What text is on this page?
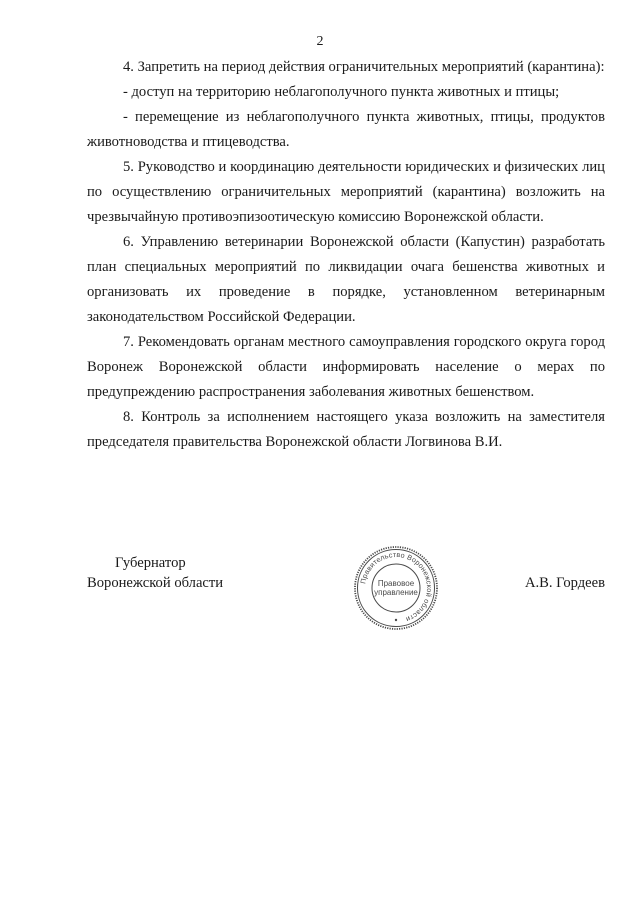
2

4. Запретить на период действия ограничительных мероприятий (карантина):

- доступ на территорию неблагополучного пункта животных и птицы;

- перемещение из неблагополучного пункта животных, птицы, продуктов животноводства и птицеводства.

5. Руководство и координацию деятельности юридических и физических лиц по осуществлению ограничительных мероприятий (карантина) возложить на чрезвычайную противоэпизоотическую комиссию Воронежской области.

6. Управлению ветеринарии Воронежской области (Капустин) разработать план специальных мероприятий по ликвидации очага бешенства животных и организовать их проведение в порядке, установленном ветеринарным законодательством Российской Федерации.

7. Рекомендовать органам местного самоуправления городского округа город Воронеж Воронежской области информировать население о мерах по предупреждению распространения заболевания животных бешенством.

8. Контроль за исполнением настоящего указа возложить на заместителя председателя правительства Воронежской области Логвинова В.И.

Губернатор
Воронежской области	Правительство Воронежской области
Правовое
управление
А.В. Гордеев
